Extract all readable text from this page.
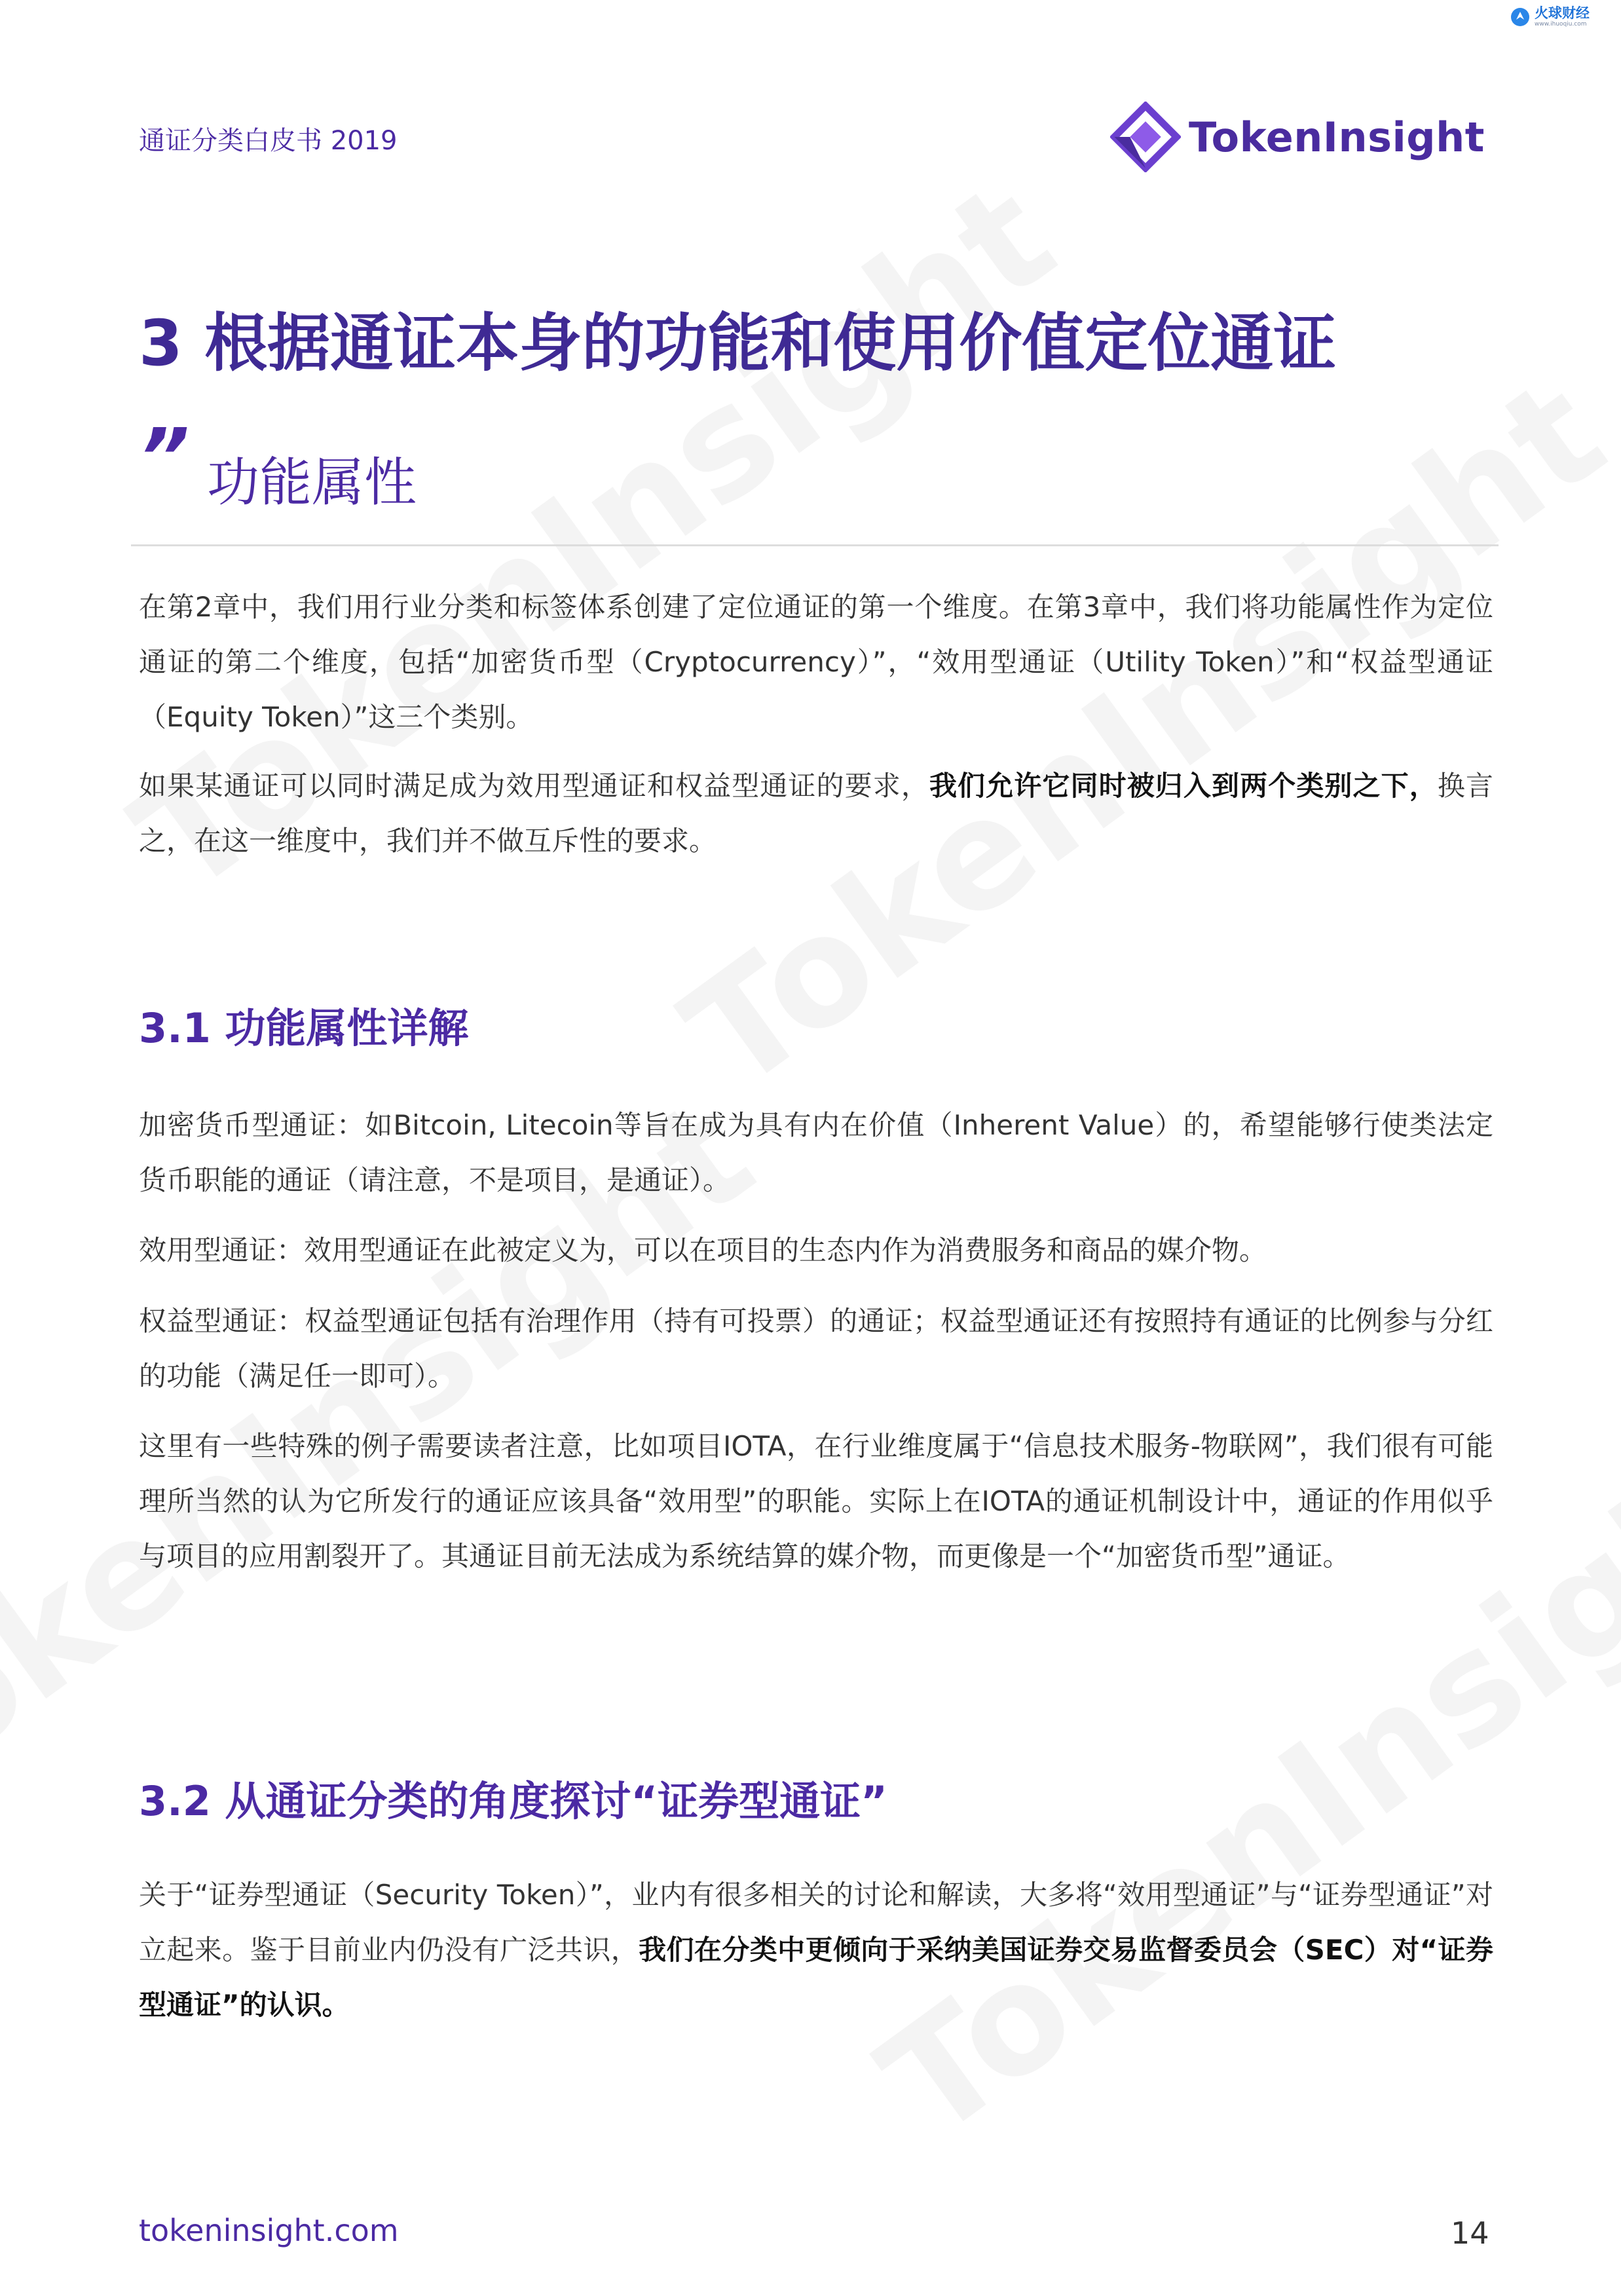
火球财经
www.ihuoqiu.com
通证分类白皮书 2019	TokenInsight
3 根据通证本身的功能和使用价值定位通证
” 功能属性
在第2章中，我们用行业分类和标签体系创建了定位通证的第一个维度。在第3章中，我们将功能属性作为定位通证的第二个维度，包括“加密货币型（Cryptocurrency）”，“效用型通证（Utility Token）”和“权益型通证（Equity Token）”这三个类别。
如果某通证可以同时满足成为效用型通证和权益型通证的要求，我们允许它同时被归入到两个类别之下，换言之，在这一维度中，我们并不做互斥性的要求。
3.1 功能属性详解
加密货币型通证：如Bitcoin, Litecoin等旨在成为具有内在价值（Inherent Value）的，希望能够行使类法定货币职能的通证（请注意，不是项目，是通证）。
效用型通证：效用型通证在此被定义为，可以在项目的生态内作为消费服务和商品的媒介物。
权益型通证：权益型通证包括有治理作用（持有可投票）的通证；权益型通证还有按照持有通证的比例参与分红的功能（满足任一即可）。
这里有一些特殊的例子需要读者注意，比如项目IOTA，在行业维度属于“信息技术服务-物联网”，我们很有可能理所当然的认为它所发行的通证应该具备“效用型”的职能。实际上在IOTA的通证机制设计中，通证的作用似乎与项目的应用割裂开了。其通证目前无法成为系统结算的媒介物，而更像是一个“加密货币型”通证。
3.2 从通证分类的角度探讨“证券型通证”
关于“证券型通证（Security Token）”，业内有很多相关的讨论和解读，大多将“效用型通证”与“证券型通证”对立起来。鉴于目前业内仍没有广泛共识，我们在分类中更倾向于采纳美国证券交易监督委员会（SEC）对“证券型通证”的认识。
tokeninsight.com	14
